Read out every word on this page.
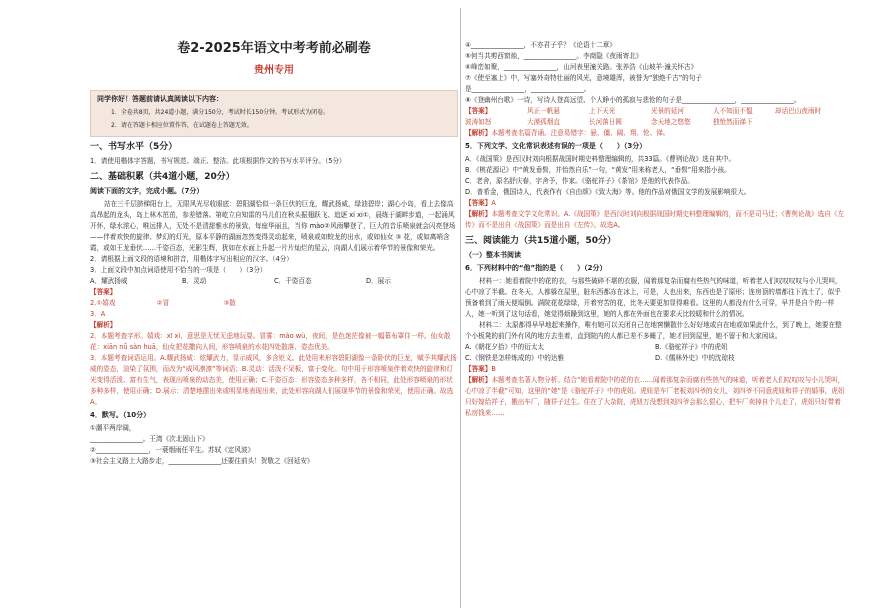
卷2-2025年语文中考考前必刷卷
贵州专用
同学你好！答题前请认真阅读以下内容：

1．全卷共8页，共24道小题，满分150分，考试时长150分钟。考试形式为闭卷。

2．请在答题卡相应位置作答，在试题卷上答题无效。

一、书写水平（5分）

1．请使用楷体字答题，书写规范、端正、整洁。此项根据作文的书写水平评分。（5分）

二、基础积累（共4道小题，20分）
阅读下面的文字，完成小题。（7分）

站在三千层脐梯阳台上，无限风光尽收眼底：碧阳湖恰似一条巨伏的巨龙，耀武扬威，绿油碧岸；湖心小岛，看上去像高高昂起的龙头，岛上林木茁茁，参差错落。第屹立自知雷的马儿们在秋头振翅跃飞、追逐 xi xi①，晨练于湖畔步道，一起涌风开怀，绿水浓心，唯远排人，无处不是清甜雅水的景致，每座华丽且，当你 mào②风雨攀登了，巨大的音乐喷泉就会闪亮登场——伴着欢快的旋律、梦幻的灯光，原本平静的湖面忽然变得灵动起来，喷泉或如蛟龙的出水，或如仙女 ③ 花，或如离哨含霞，或如王龙垂伏……千姿百态，光影生辉，犹如在水面上升起一片片灿烂的星云，向湖人们展示着华节的景像和荣光。

2．请根据上面文段的语境和拼音，用楷体字写出相应的汉字。（4分）

3．上面文段中加点词语使用不恰当的一项是（　　）（3分）

A．耀武扬威	B．灵动	C．千姿百态	D．展示

【答案】

2.①嬉戏	②冒	③散

3．A

【解析】

2．本题考查字形。嬉戏：xī xì，意思是无忧无虑地玩耍。冒雾：mào wù，夜间，是色迷茫像被一幅幕布罩住一样。仙女散花：xiān nǚ sàn huā，仙女把花撒向人间，形容喷泉的水花四处散落、姿态优美。

3．本题考查词语运用。A.耀武扬威：炫耀武力，显示威风，多含贬义。此处用来形容碧阳湖像一条卧伏的巨龙，赋予其耀武扬威的姿态，渲染了氛围，而改为“威风凛凛”等词语；B.灵动：活泼不呆板，富于变化。句中用于形容喷泉伴着欢快的旋律和灯光变得活泼、富有生气，表现出喷泉的动态美，使用正确；C.千姿百态：形容姿态多种多样，各不相同，此处形容喷泉的形状多种多样，使用正确；D.展示：清楚地摆出来或明显地表现出来，此处形容向湖人们展现华节的景像和荣光，使用正确。故选A。

4．默写。（10分）

①潮平两岸阔，

________________。王湾《次北固山下》

②________________，一蓑烟雨任平生。苏轼《定风波》

③社会主义路上大路步走，________________还要往前头！贺敬之《回延安》

④________________，不亦君子乎？《论语十二章》

⑤何当共剪西窗烛，________________。李商隐《夜雨寄北》

⑥峰峦如聚，________________，山河表里潼关路。张养浩《山坡羊·潼关怀古》

⑦《使至塞上》中，写塞外奇特壮丽的风光，意境雄浑，被誉为“独绝千古”的句子

是________________，________________。

⑧《登幽州台歌》一诗，写诗人登高远望、个人睁小的孤寂与悲怆的句子是________________，________________。

【答案】	风正一帆悬	上下天光	光景的延河	人不知而不愠	却话巴山夜雨时
波涛如怒	大漠孤烟直	长河落日圆	念天地之悠悠	独怆然而涕下

【解析】本题考查名篇背诵。注意易错字：悬、僵、阔、翔、怆、涕。

5．下列文学、文化常识表述有误的一项是（　　）（3分）

A．《战国策》是西汉时刘向根据战国时期史料整理编辑的，共33篇。《曹刿论战》选自其中。

B．《桃花源记》中“黄发垂髫，并怡然自乐”一句，“黄发”用来称老人，“垂髫”用来指小孩。

C．老舍，原名舒庆春，字舍予，作家。《骆驼祥子》《茶馆》是他的代表作品。

D．普希金，俄国诗人，代表作有《自由颂》《致大海》等。他的作品对俄国文学的发展影响很大。

【答案】A

【解析】本题考查文学文化常识。A.《战国策》是西汉时刘向根据战国时期史料整理编辑的，而不是司马迁；《曹刿论战》选自《左传》而不是出自《战国策》而是出自《左传》。故选A。

三、阅读能力（共15道小题，50分）
（一）整本书阅读
6．下列材料中的“他”指的是（　　）（2分）

材料一：她看着院中的花的衣，与那些破碎不堪的衣服，闻着那复杂而腐有些热气的味道，听着老人们叹叹叹叹与小儿哭叫，心中凉了半截。在冬天，人都躲在屋里，脏东西都冻在冰上，可是，人也出来，东西也是了原形；连房顶的墙都往下流土了，似乎预备着到了雨天便塌倒。满院花花绿绿，开着穷苦的花，比冬天要更加显得难看。这里的人都没有什么可穿，早并是自个的一样人，她一听到了这句话看，她觉得烦躁到这里，她的人都在外面也在要求天比较暖和什么的情况。

材料二：太原都得早早地起来操作，唯有她可以关闭自己在地窖懒散什么好好地或自在地或如果此什么，到了晚上，她要在整个小板凳的前门外有风的地方去坐着，直到院内的人都已差不多睡了，她才回到屋里，她不留于和大家闲谈。

A.《朝花夕拾》中的衍太太	B.《骆驼祥子》中的虎妞
C.《钢铁是怎样炼成的》中的达雅	D.《儒林外史》中的沈琼枝

【答案】B

【解析】本题考查名著人物分析。结合“她看着院中的花的衣……闻着那复杂而腐有些热气的味道，听着老人们叹叹叹与小儿哭叫，心中凉了半截”可知，这里的“她”是《骆驼祥子》中的虎妞。虎妞是车厂老板刘四爷的女儿，刘四爷不同意虎妞和祥子的婚事，虎妞只好嫁给祥子，搬出车厂，随祥子过生。住在了大杂院，虎妞万没想到刘四爷会那么狠心，把车厂卖掉自个儿走了，虎妞只好带着私房钱来……
